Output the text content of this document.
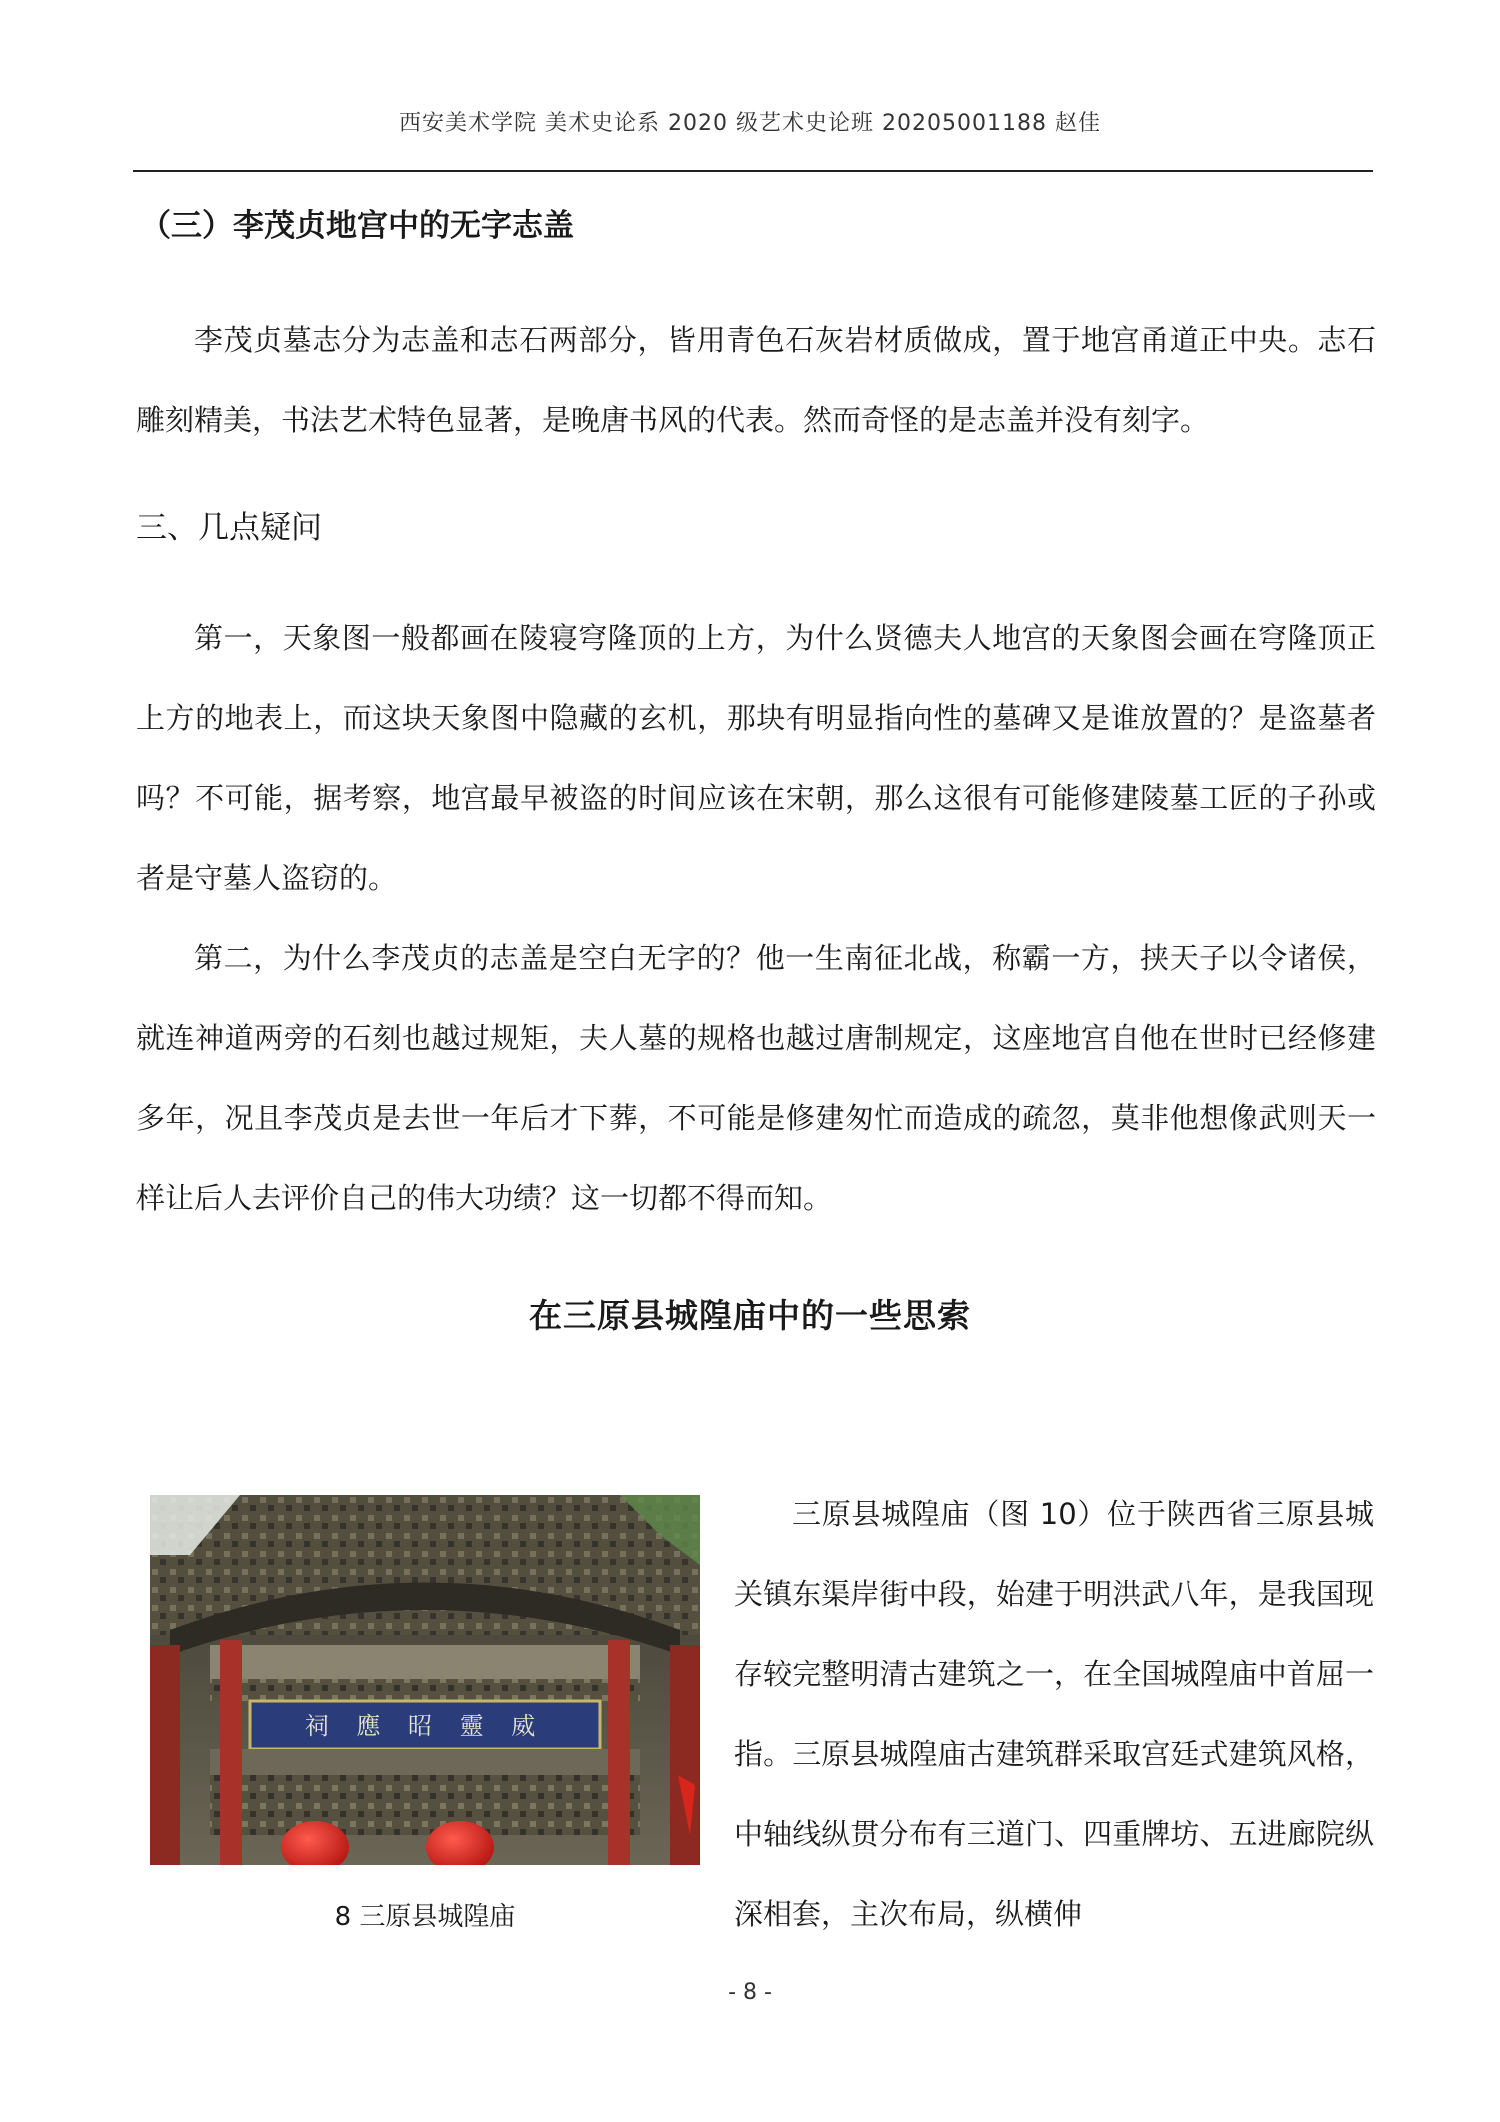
西安美术学院 美术史论系 2020 级艺术史论班 20205001188 赵佳
（三）李茂贞地宫中的无字志盖

李茂贞墓志分为志盖和志石两部分，皆用青色石灰岩材质做成，置于地宫甬道正中央。志石雕刻精美，书法艺术特色显著，是晚唐书风的代表。然而奇怪的是志盖并没有刻字。

三、几点疑问

第一，天象图一般都画在陵寝穹隆顶的上方，为什么贤德夫人地宫的天象图会画在穹隆顶正上方的地表上，而这块天象图中隐藏的玄机，那块有明显指向性的墓碑又是谁放置的？是盗墓者吗？不可能，据考察，地宫最早被盗的时间应该在宋朝，那么这很有可能修建陵墓工匠的子孙或者是守墓人盗窃的。

第二，为什么李茂贞的志盖是空白无字的？他一生南征北战，称霸一方，挟天子以令诸侯，就连神道两旁的石刻也越过规矩，夫人墓的规格也越过唐制规定，这座地宫自他在世时已经修建多年，况且李茂贞是去世一年后才下葬，不可能是修建匆忙而造成的疏忽，莫非他想像武则天一样让后人去评价自己的伟大功绩？这一切都不得而知。

在三原县城隍庙中的一些思索
祠 應 昭 靈 威
8 三原县城隍庙

三原县城隍庙（图 10）位于陕西省三原县城关镇东渠岸街中段，始建于明洪武八年，是我国现存较完整明清古建筑之一，在全国城隍庙中首屈一指。三原县城隍庙古建筑群采取宫廷式建筑风格，中轴线纵贯分布有三道门、四重牌坊、五进廊院纵深相套，主次布局，纵横伸

- 8 -
